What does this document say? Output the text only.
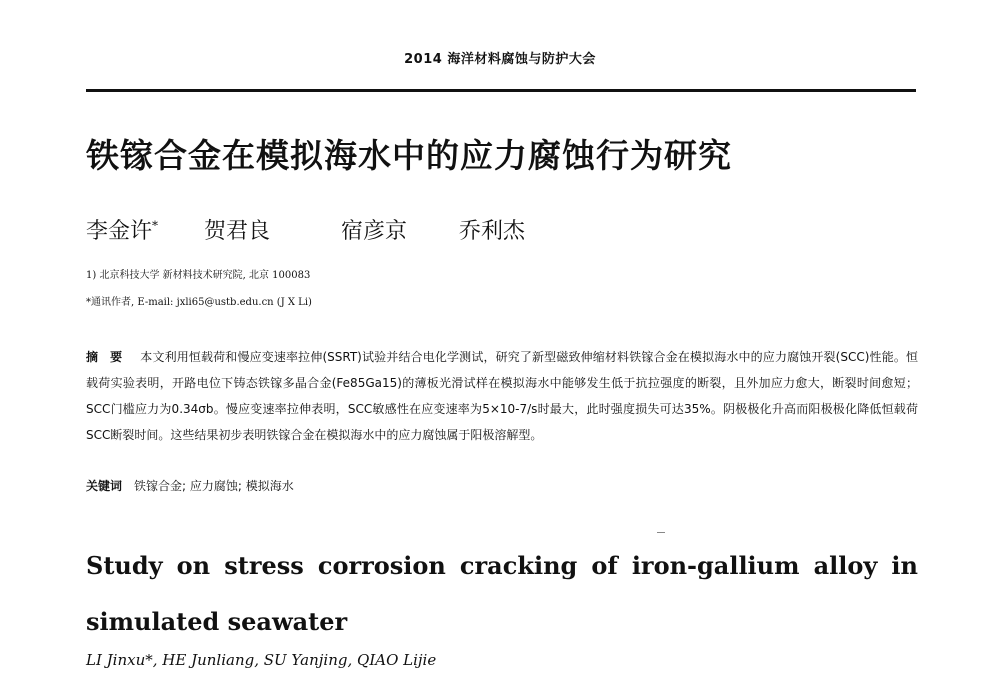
2014 海洋材料腐蚀与防护大会
铁镓合金在模拟海水中的应力腐蚀行为研究
李金许* 贺君良	宿彦京 乔利杰
1) 北京科技大学 新材料技术研究院, 北京 100083
*通讯作者, E-mail: jxli65@ustb.edu.cn (J X Li)
摘要 本文利用恒载荷和慢应变速率拉伸(SSRT)试验并结合电化学测试，研究了新型磁致伸缩材料铁镓合金在模拟海水中的应力腐蚀开裂(SCC)性能。恒载荷实验表明，开路电位下铸态铁镓多晶合金(Fe85Ga15)的薄板光滑试样在模拟海水中能够发生低于抗拉强度的断裂，且外加应力愈大，断裂时间愈短；SCC门槛应力为0.34σb。慢应变速率拉伸表明，SCC敏感性在应变速率为5×10-7/s时最大，此时强度损失可达35%。阴极极化升高而阳极极化降低恒载荷SCC断裂时间。这些结果初步表明铁镓合金在模拟海水中的应力腐蚀属于阳极溶解型。
关键词 铁镓合金; 应力腐蚀; 模拟海水
Study on stress corrosion cracking of iron-gallium alloy in simulated seawater
LI Jinxu*, HE Junliang, SU Yanjing, QIAO Lijie
